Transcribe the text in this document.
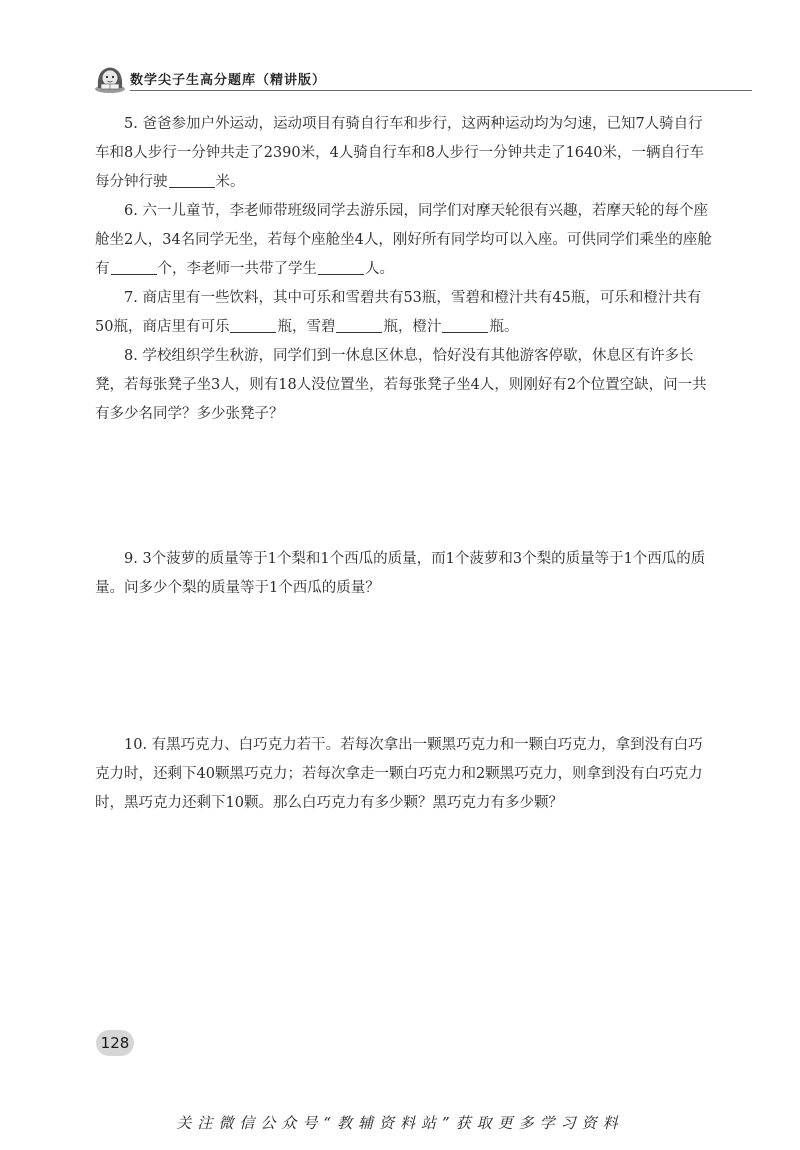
数学尖子生高分题库（精讲版）

5. 爸爸参加户外运动，运动项目有骑自行车和步行，这两种运动均为匀速，已知7人骑自行车和8人步行一分钟共走了2390米，4人骑自行车和8人步行一分钟共走了1640米，一辆自行车每分钟行驶	米。

6. 六一儿童节，李老师带班级同学去游乐园，同学们对摩天轮很有兴趣，若摩天轮的每个座舱坐2人，34名同学无坐，若每个座舱坐4人，刚好所有同学均可以入座。可供同学们乘坐的座舱有	个，李老师一共带了学生	人。

7. 商店里有一些饮料，其中可乐和雪碧共有53瓶，雪碧和橙汁共有45瓶，可乐和橙汁共有50瓶，商店里有可乐	瓶，雪碧	瓶，橙汁	瓶。

8. 学校组织学生秋游，同学们到一休息区休息，恰好没有其他游客停歇，休息区有许多长凳，若每张凳子坐3人，则有18人没位置坐，若每张凳子坐4人，则刚好有2个位置空缺，问一共有多少名同学？多少张凳子？

9. 3个菠萝的质量等于1个梨和1个西瓜的质量，而1个菠萝和3个梨的质量等于1个西瓜的质量。问多少个梨的质量等于1个西瓜的质量？

10. 有黑巧克力、白巧克力若干。若每次拿出一颗黑巧克力和一颗白巧克力，拿到没有白巧克力时，还剩下40颗黑巧克力；若每次拿走一颗白巧克力和2颗黑巧克力，则拿到没有白巧克力时，黑巧克力还剩下10颗。那么白巧克力有多少颗？黑巧克力有多少颗？

128
关注微信公众号“教辅资料站”获取更多学习资料
